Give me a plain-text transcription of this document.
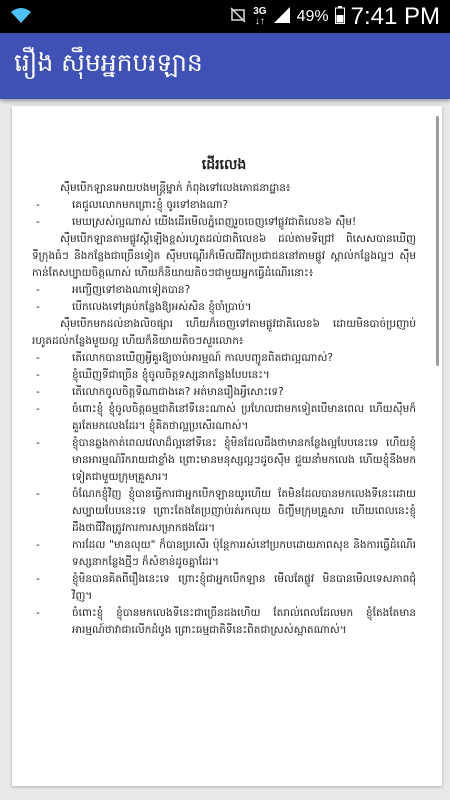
3G
↓↑ 49% 7:41 PM
រឿង ស៊ឹមអ្នកបរឡាន
ដើរលេង

ស៊ឹមបើកឡានអោយបងមន្ត្រីម្នាក់ កំពុងទៅលេងភោជនាដ្ឋាន៖

- គេជួលលោកមកព្រោះខ្ញុំ ចូរទៅខាងណា?
- មេឃស្រស់ល្អណាស់ យើងដើរមើលភ្នំពេញរួចចេញទៅផ្លូវជាតិលេខ៦ ស៊ឹម!

ស៊ឹមបើកឡានតាមផ្លូវស្ដីឡើងខ្ពស់រហូតដល់ជាតិលេខ៦ ដល់តាមទីជ្រៅ ពិសេសបានឃើញទីក្រុងធំៗ និងកន្លែងជាច្រើនទៀត ស៊ឹមបណ្ដើរក៏មើលជីវិតប្រជាជននៅតាមផ្លូវ ស្គាល់កន្លែងល្អៗ ស៊ឹមកាន់តែសប្បាយចិត្តណាស់ ហើយក៏និយាយតិចៗជាមួយអ្នកធ្វើដំណើរនោះ៖

- អញ្ជើញទៅខាងណាទៀតបាន?
- បើកលេងទៅគ្រប់កន្លែងឱ្យអស់សិន ខ្ញុំចាំប្រាប់។

ស៊ឹមបើកមកដល់ខាងលិចផ្សារ ហើយក៏ចេញទៅតាមផ្លូវជាតិលេខ៦ ដោយមិនបាច់ប្រញាប់ រហូតដល់កន្លែងមួយល្អ ហើយក៏និយាយតិចៗសួរលោក៖

- តើលោកបានឃើញអ្វីគួរឱ្យចាប់អារម្មណ៍ កាលបញ្ជូនពិតជាល្អណាស់?
- ខ្ញុំឃើញទីជាច្រើន ខ្ញុំចូលចិត្តទស្សនាកន្លែងបែបនេះ។
- តើលោកចូលចិត្តទីណាជាងគេ? អត់មានរឿងអ្វីសោះទេ?
- ចំពោះខ្ញុំ ខ្ញុំចូលចិត្តធម្មជាតិនៅទីនេះណាស់ ប្រហែលជាមកទៀតបើមានពេល ហើយស៊ឹមក៏គួរតែមកលេងដែរ។ ខ្ញុំគិតថាល្អប្រសើរណាស់។
- ខ្ញុំបានឆ្លងកាត់ពេលវេលាដ៏ល្អនៅទីនេះ ខ្ញុំមិនដែលដឹងថាមានកន្លែងល្អបែបនេះទេ ហើយខ្ញុំមានអារម្មណ៍រីករាយជាខ្លាំង ព្រោះមានមនុស្សល្អៗដូចស៊ឹម ជួយនាំមកលេង ហើយខ្ញុំនឹងមកទៀតជាមួយក្រុមគ្រួសារ។
- ចំណែកខ្ញុំវិញ ខ្ញុំបានធ្វើការជាអ្នកបើកឡានយូរហើយ តែមិនដែលបានមកលេងទីនេះដោយសប្បាយបែបនេះទេ ព្រោះតែងតែប្រញាប់រត់រកលុយ ចិញ្ចឹមក្រុមគ្រួសារ ហើយពេលនេះខ្ញុំដឹងថាជីវិតត្រូវការការសម្រាកផងដែរ។
- ការដែល "មានលុយ" ក៏បានប្រសើរ ប៉ុន្តែការរស់នៅប្រកបដោយភាពសុខ និងការធ្វើដំណើរ ទស្សនាកន្លែងថ្មីៗ ក៏សំខាន់ដូចគ្នាដែរ។
- ខ្ញុំមិនបានគិតពីរឿងនេះទេ ព្រោះខ្ញុំជាអ្នកបើកឡាន មើលតែផ្លូវ មិនបានមើលទេសភាពជុំវិញ។
- ចំពោះខ្ញុំ ខ្ញុំបានមកលេងទីនេះជាច្រើនដងហើយ តែរាល់ពេលដែលមក ខ្ញុំតែងតែមានអារម្មណ៍ថាវាជាលើកដំបូង ព្រោះធម្មជាតិទីនេះពិតជាស្រស់ស្អាតណាស់។
